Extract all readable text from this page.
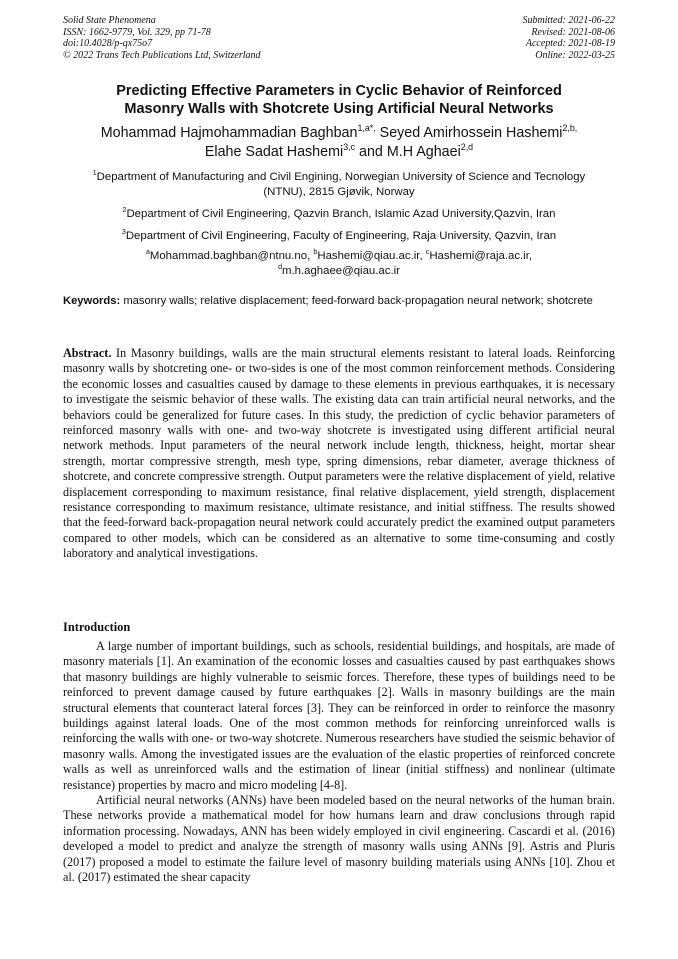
Solid State Phenomena
ISSN: 1662-9779, Vol. 329, pp 71-78
doi:10.4028/p-qx75o7
© 2022 Trans Tech Publications Ltd, Switzerland
Submitted: 2021-06-22
Revised: 2021-08-06
Accepted: 2021-08-19
Online: 2022-03-25
Predicting Effective Parameters in Cyclic Behavior of Reinforced
Masonry Walls with Shotcrete Using Artificial Neural Networks
Mohammad Hajmohammadian Baghban$^{1,a*,}$ Seyed Amirhossein Hashemi$^{2,b,}$
Elahe Sadat Hashemi$^{3,c}$ and M.H Aghaei$^{2,d}$
$^1$Department of Manufacturing and Civil Engining, Norwegian University of Science and Tecnology
(NTNU), 2815 Gjøvik, Norway
$^2$Department of Civil Engineering, Qazvin Branch, Islamic Azad University,Qazvin, Iran
$^3$Department of Civil Engineering, Faculty of Engineering, Raja University, Qazvin, Iran
$^a$Mohammad.baghban@ntnu.no, $^b$Hashemi@qiau.ac.ir, $^c$Hashemi@raja.ac.ir,
$^d$m.h.aghaee@qiau.ac.ir
Keywords: masonry walls; relative displacement; feed-forward back-propagation neural network; shotcrete
Abstract. In Masonry buildings, walls are the main structural elements resistant to lateral loads. Reinforcing masonry walls by shotcreting one- or two-sides is one of the most common reinforcement methods. Considering the economic losses and casualties caused by damage to these elements in previous earthquakes, it is necessary to investigate the seismic behavior of these walls. The existing data can train artificial neural networks, and the behaviors could be generalized for future cases. In this study, the prediction of cyclic behavior parameters of reinforced masonry walls with one- and two-way shotcrete is investigated using different artificial neural network methods. Input parameters of the neural network include length, thickness, height, mortar shear strength, mortar compressive strength, mesh type, spring dimensions, rebar diameter, average thickness of shotcrete, and concrete compressive strength. Output parameters were the relative displacement of yield, relative displacement corresponding to maximum resistance, final relative displacement, yield strength, displacement resistance corresponding to maximum resistance, ultimate resistance, and initial stiffness. The results showed that the feed-forward back-propagation neural network could accurately predict the examined output parameters compared to other models, which can be considered as an alternative to some time-consuming and costly laboratory and analytical investigations.
Introduction

A large number of important buildings, such as schools, residential buildings, and hospitals, are made of masonry materials [1]. An examination of the economic losses and casualties caused by past earthquakes shows that masonry buildings are highly vulnerable to seismic forces. Therefore, these types of buildings need to be reinforced to prevent damage caused by future earthquakes [2]. Walls in masonry buildings are the main structural elements that counteract lateral forces [3]. They can be reinforced in order to reinforce the masonry buildings against lateral loads. One of the most common methods for reinforcing unreinforced walls is reinforcing the walls with one- or two-way shotcrete. Numerous researchers have studied the seismic behavior of masonry walls. Among the investigated issues are the evaluation of the elastic properties of reinforced concrete walls as well as unreinforced walls and the estimation of linear (initial stiffness) and nonlinear (ultimate resistance) properties by macro and micro modeling [4-8].

Artificial neural networks (ANNs) have been modeled based on the neural networks of the human brain. These networks provide a mathematical model for how humans learn and draw conclusions through rapid information processing. Nowadays, ANN has been widely employed in civil engineering. Cascardi et al. (2016) developed a model to predict and analyze the strength of masonry walls using ANNs [9]. Astris and Pluris (2017) proposed a model to estimate the failure level of masonry building materials using ANNs [10]. Zhou et al. (2017) estimated the shear capacity
